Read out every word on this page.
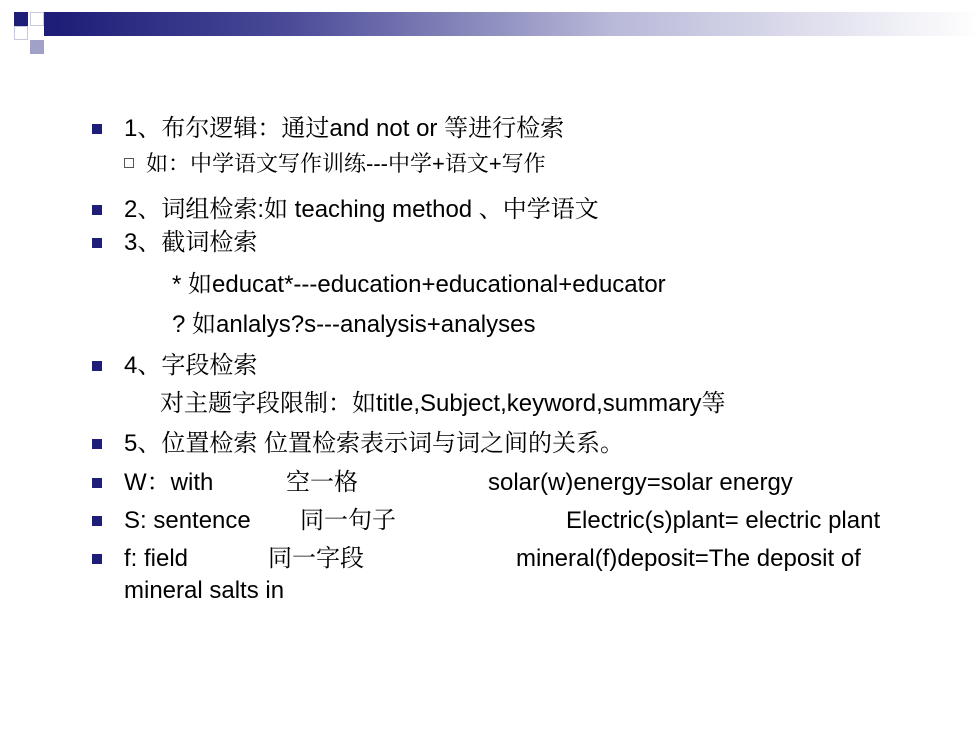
1、布尔逻辑：通过and not or 等进行检索
如：中学语文写作训练---中学+语文+写作
2、词组检索:如 teaching method 、中学语文
3、截词检索
* 如educat*---education+educational+educator
? 如anlalys?s---analysis+analyses
4、字段检索
对主题字段限制：如title,Subject,keyword,summary等
5、位置检索 位置检索表示词与词之间的关系。
W：with	空一格	solar(w)energy=solar energy
S: sentence 同一句子	Electric(s)plant= electric plant
f: field	同一字段	mineral(f)deposit=The deposit of
mineral salts in
